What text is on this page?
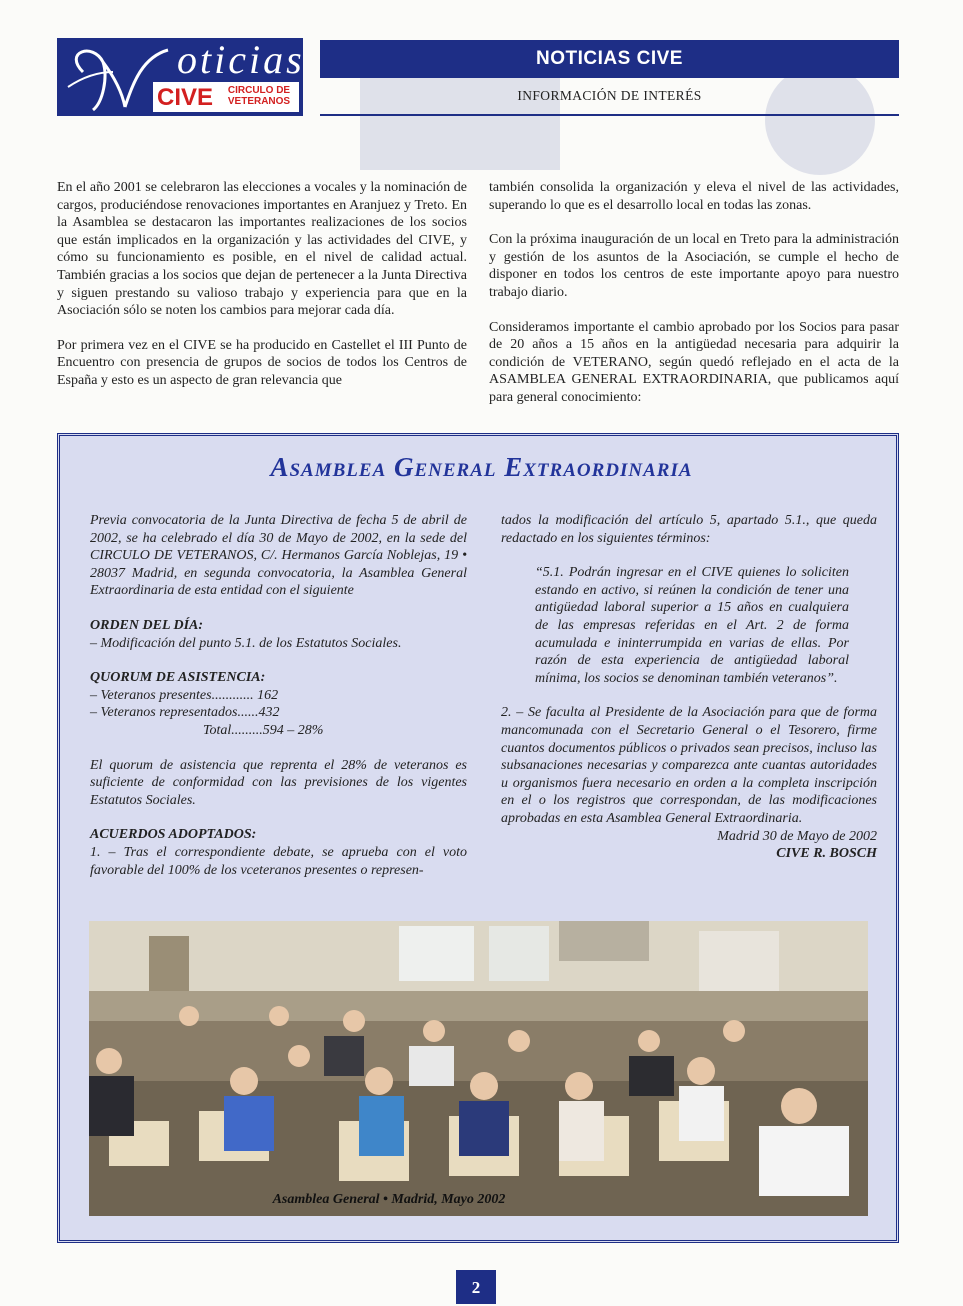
oticias
CIVE	CIRCULO DE VETERANOS
NOTICIAS CIVE
INFORMACIÓN DE INTERÉS

En el año 2001 se celebraron las elecciones a vocales y la nominación de cargos, produciéndose renovaciones importantes en Aranjuez y Treto. En la Asamblea se destacaron las importantes realizaciones de los socios que están implicados en la organización y las actividades del CIVE, y cómo su funcionamiento es posible, en el nivel de calidad actual. También gracias a los socios que dejan de pertenecer a la Junta Directiva y siguen prestando su valioso trabajo y experiencia para que en la Asociación sólo se noten los cambios para mejorar cada día.

Por primera vez en el CIVE se ha producido en Castellet el III Punto de Encuentro con presencia de grupos de socios de todos los Centros de España y esto es un aspecto de gran relevancia que

también consolida la organización y eleva el nivel de las actividades, superando lo que es el desarrollo local en todas las zonas.

Con la próxima inauguración de un local en Treto para la administración y gestión de los asuntos de la Asociación, se cumple el hecho de disponer en todos los centros de este importante apoyo para nuestro trabajo diario.

Consideramos importante el cambio aprobado por los Socios para pasar de 20 años a 15 años en la antigüedad necesaria para adquirir la condición de VETERANO, según quedó reflejado en el acta de la ASAMBLEA GENERAL EXTRAORDINARIA, que publicamos aquí para general conocimiento:

Asamblea General Extraordinaria

Previa convocatoria de la Junta Directiva de fecha 5 de abril de 2002, se ha celebrado el día 30 de Mayo de 2002, en la sede del CIRCULO DE VETERANOS, C/. Hermanos García Noblejas, 19 • 28037 Madrid, en segunda convocatoria, la Asamblea General Extraordinaria de esta entidad con el siguiente

ORDEN DEL DÍA:

– Modificación del punto 5.1. de los Estatutos Sociales.

QUORUM DE ASISTENCIA:

– Veteranos presentes............ 162

– Veteranos representados......432

Total.........594 – 28%

El quorum de asistencia que reprenta el 28% de veteranos es suficiente de conformidad con las previsiones de los vigentes Estatutos Sociales.

ACUERDOS ADOPTADOS:

1. – Tras el correspondiente debate, se aprueba con el voto favorable del 100% de los vceteranos presentes o represen-

tados la modificación del artículo 5, apartado 5.1., que queda redactado en los siguientes términos:

“5.1. Podrán ingresar en el CIVE quienes lo soliciten estando en activo, si reúnen la condición de tener una antigüedad laboral superior a 15 años en cualquiera de las empresas referidas en el Art. 2 de forma acumulada e ininterrumpida en varias de ellas. Por razón de esta experiencia de antigüedad laboral mínima, los socios se denominan también veteranos”.

2. – Se faculta al Presidente de la Asociación para que de forma mancomunada con el Secretario General o el Tesorero, firme cuantos documentos públicos o privados sean precisos, incluso las subsanaciones necesarias y comparezca ante cuantas autoridades u organismos fuera necesario en orden a la completa inscripción en el o los registros que correspondan, de las modificaciones aprobadas en esta Asamblea General Extraordinaria.

Madrid 30 de Mayo de 2002

CIVE R. BOSCH

Asamblea General • Madrid, Mayo 2002
2
